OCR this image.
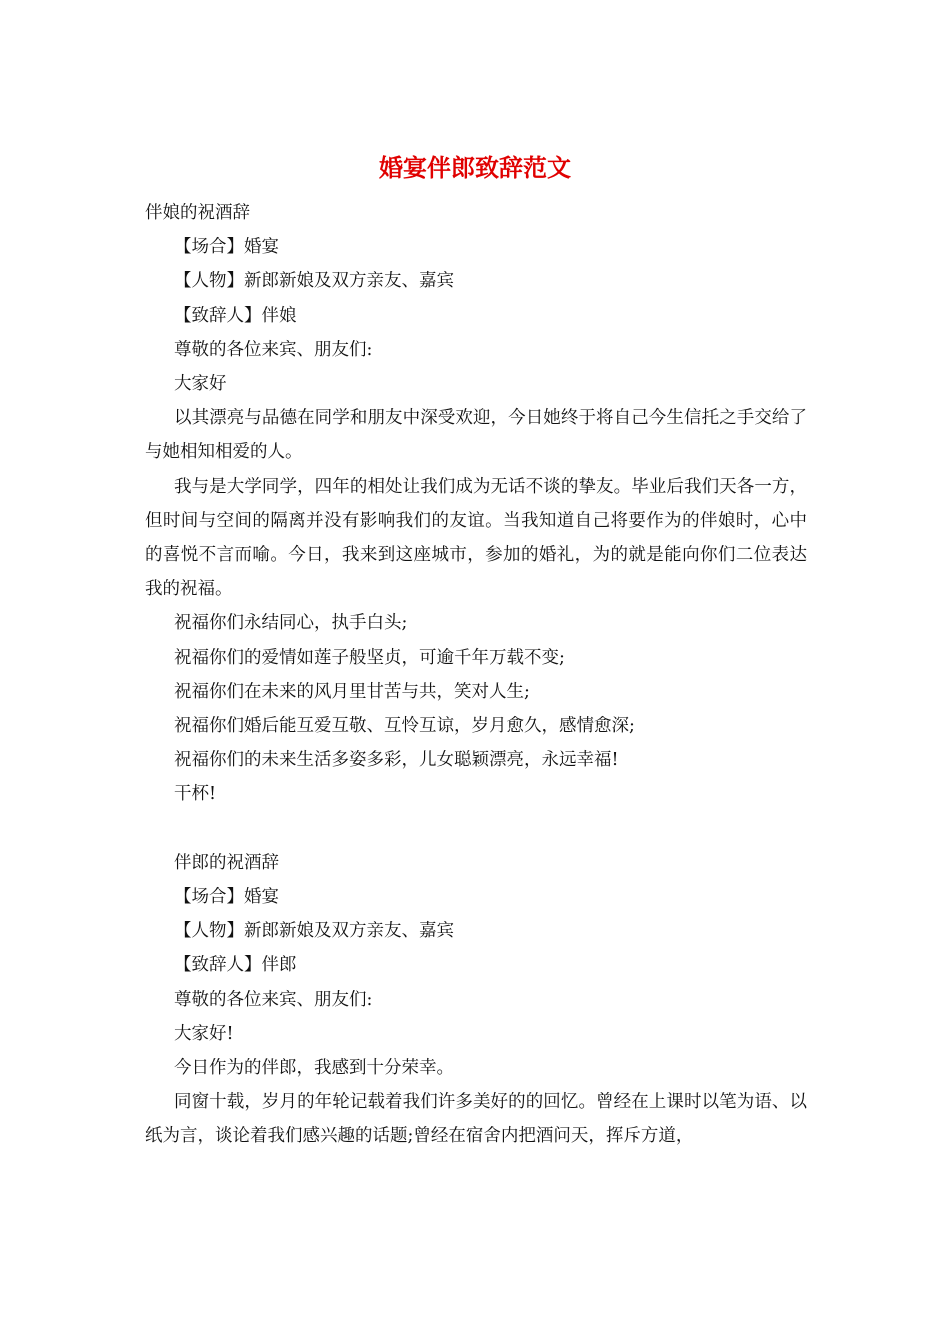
婚宴伴郎致辞范文

伴娘的祝酒辞

【场合】婚宴

【人物】新郎新娘及双方亲友、嘉宾

【致辞人】伴娘

尊敬的各位来宾、朋友们:

大家好

以其漂亮与品德在同学和朋友中深受欢迎，今日她终于将自己今生信托之手交给了与她相知相爱的人。

我与是大学同学，四年的相处让我们成为无话不谈的挚友。毕业后我们天各一方，但时间与空间的隔离并没有影响我们的友谊。当我知道自己将要作为的伴娘时，心中的喜悦不言而喻。今日，我来到这座城市，参加的婚礼，为的就是能向你们二位表达我的祝福。

祝福你们永结同心，执手白头;

祝福你们的爱情如莲子般坚贞，可逾千年万载不变;

祝福你们在未来的风月里甘苦与共，笑对人生;

祝福你们婚后能互爱互敬、互怜互谅，岁月愈久，感情愈深;

祝福你们的未来生活多姿多彩，儿女聪颖漂亮，永远幸福!

干杯!

伴郎的祝酒辞

【场合】婚宴

【人物】新郎新娘及双方亲友、嘉宾

【致辞人】伴郎

尊敬的各位来宾、朋友们:

大家好!

今日作为的伴郎，我感到十分荣幸。

同窗十载，岁月的年轮记载着我们许多美好的的回忆。曾经在上课时以笔为语、以纸为言，谈论着我们感兴趣的话题;曾经在宿舍内把酒问天，挥斥方道，
